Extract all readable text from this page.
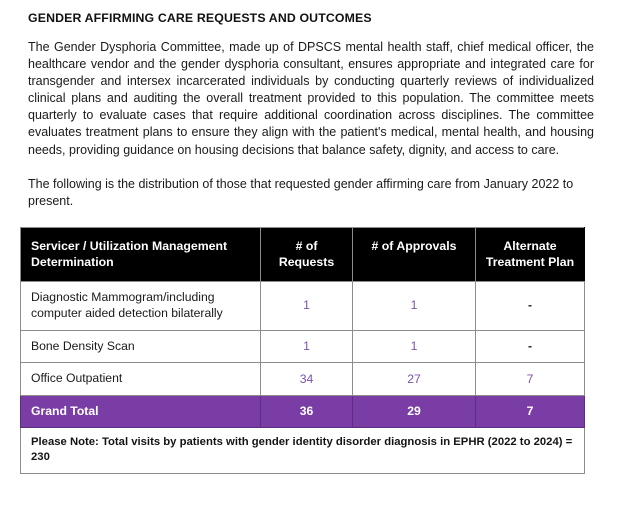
GENDER AFFIRMING CARE REQUESTS AND OUTCOMES

The Gender Dysphoria Committee, made up of DPSCS mental health staff, chief medical officer, the healthcare vendor and the gender dysphoria consultant, ensures appropriate and integrated care for transgender and intersex incarcerated individuals by conducting quarterly reviews of individualized clinical plans and auditing the overall treatment provided to this population. The committee meets quarterly to evaluate cases that require additional coordination across disciplines. The committee evaluates treatment plans to ensure they align with the patient's medical, mental health, and housing needs, providing guidance on housing decisions that balance safety, dignity, and access to care.

The following is the distribution of those that requested gender affirming care from January 2022 to present.

Servicer / Utilization Management Determination	# of Requests	# of Approvals	Alternate Treatment Plan
Diagnostic Mammogram/including computer aided detection bilaterally	1	1	-
Bone Density Scan	1	1	-
Office Outpatient	34	27	7
Grand Total	36	29	7
Please Note: Total visits by patients with gender identity disorder diagnosis in EPHR (2022 to 2024) = 230			
